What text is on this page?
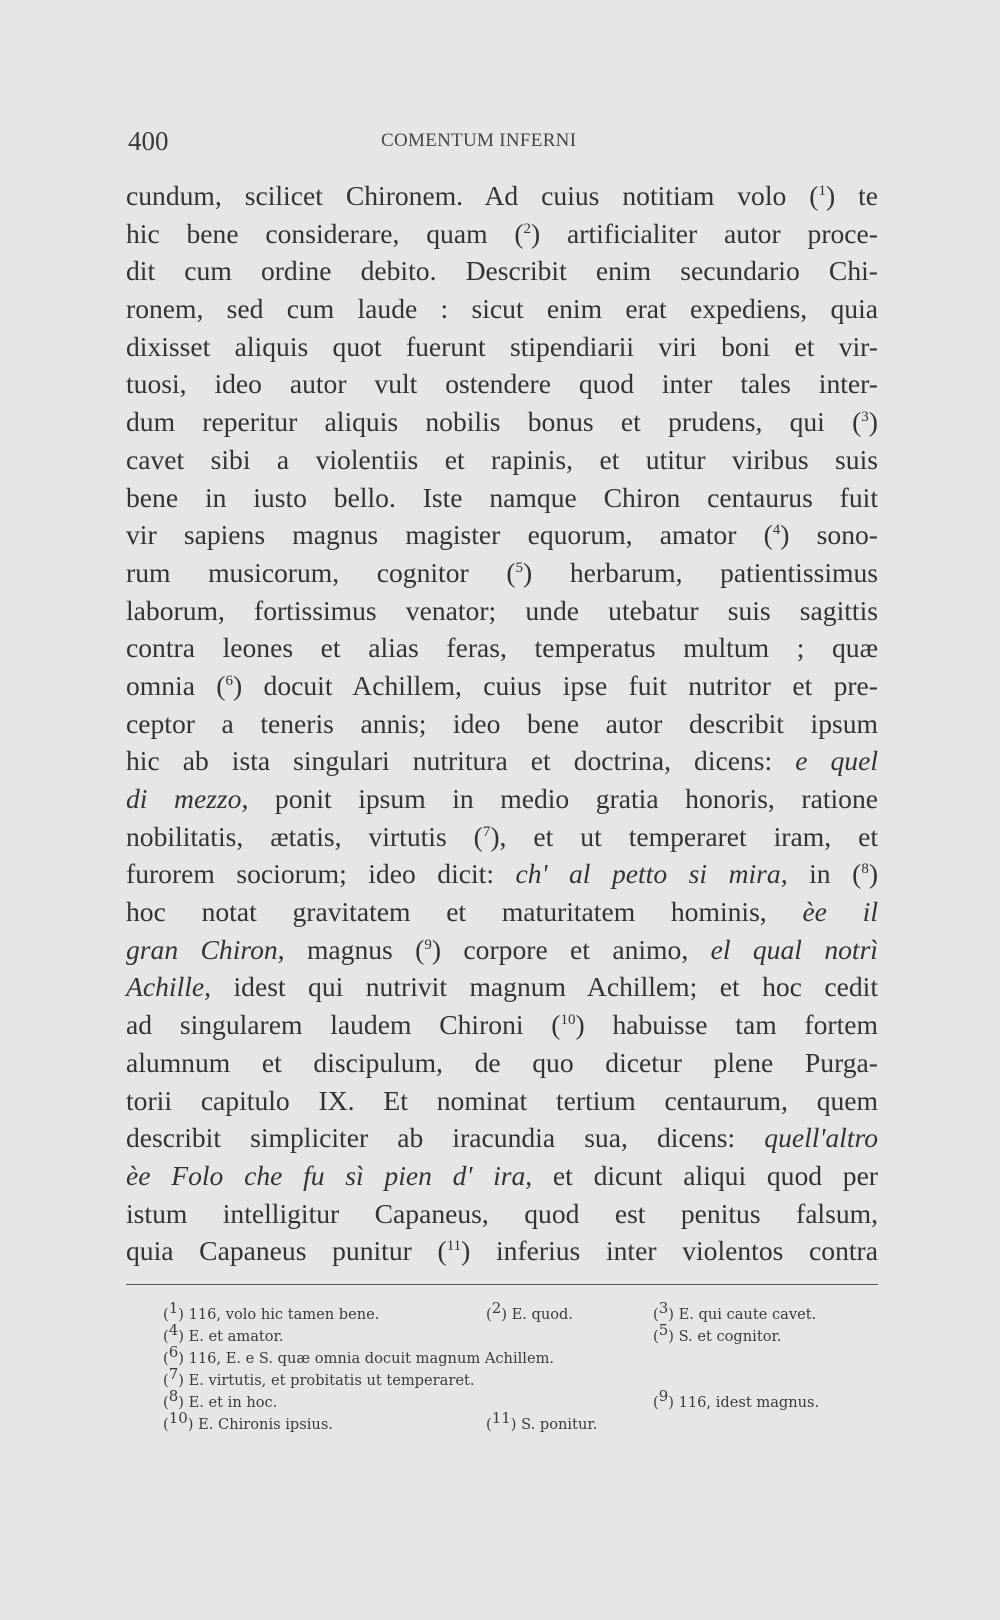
400	COMENTUM INFERNI
cundum, scilicet Chironem. Ad cuius notitiam volo ($^1$) te
hic bene considerare, quam ($^2$) artificialiter autor proce-
dit cum ordine debito. Describit enim secundario Chi-
ronem, sed cum laude : sicut enim erat expediens, quia
dixisset aliquis quot fuerunt stipendiarii viri boni et vir-
tuosi, ideo autor vult ostendere quod inter tales inter-
dum reperitur aliquis nobilis bonus et prudens, qui ($^3$)
cavet sibi a violentiis et rapinis, et utitur viribus suis
bene in iusto bello. Iste namque Chiron centaurus fuit
vir sapiens magnus magister equorum, amator ($^4$) sono-
rum musicorum, cognitor ($^5$) herbarum, patientissimus
laborum, fortissimus venator; unde utebatur suis sagittis
contra leones et alias feras, temperatus multum ; quæ
omnia ($^6$) docuit Achillem, cuius ipse fuit nutritor et pre-
ceptor a teneris annis; ideo bene autor describit ipsum
hic ab ista singulari nutritura et doctrina, dicens: e quel
di mezzo, ponit ipsum in medio gratia honoris, ratione
nobilitatis, ætatis, virtutis ($^7$), et ut temperaret iram, et
furorem sociorum; ideo dicit: ch' al petto si mira, in ($^8$)
hoc notat gravitatem et maturitatem hominis, èe il
gran Chiron, magnus ($^9$) corpore et animo, el qual notrì
Achille, idest qui nutrivit magnum Achillem; et hoc cedit
ad singularem laudem Chironi ($^{10}$) habuisse tam fortem
alumnum et discipulum, de quo dicetur plene Purga-
torii capitulo IX. Et nominat tertium centaurum, quem
describit simpliciter ab iracundia sua, dicens: quell'altro
èe Folo che fu sì pien d' ira, et dicunt aliqui quod per
istum intelligitur Capaneus, quod est penitus falsum,
quia Capaneus punitur ($^{11}$) inferius inter violentos contra
($^1$) 116, volo hic tamen bene.	($^2$) E. quod.	($^3$) E. qui caute cavet.
($^4$) E. et amator.	($^5$) S. et cognitor.
($^6$) 116, E. e S. quæ omnia docuit magnum Achillem.
($^7$) E. virtutis, et probitatis ut temperaret.
($^8$) E. et in hoc.	($^9$) 116, idest magnus.
($^{10}$) E. Chironis ipsius.	($^{11}$) S. ponitur.
